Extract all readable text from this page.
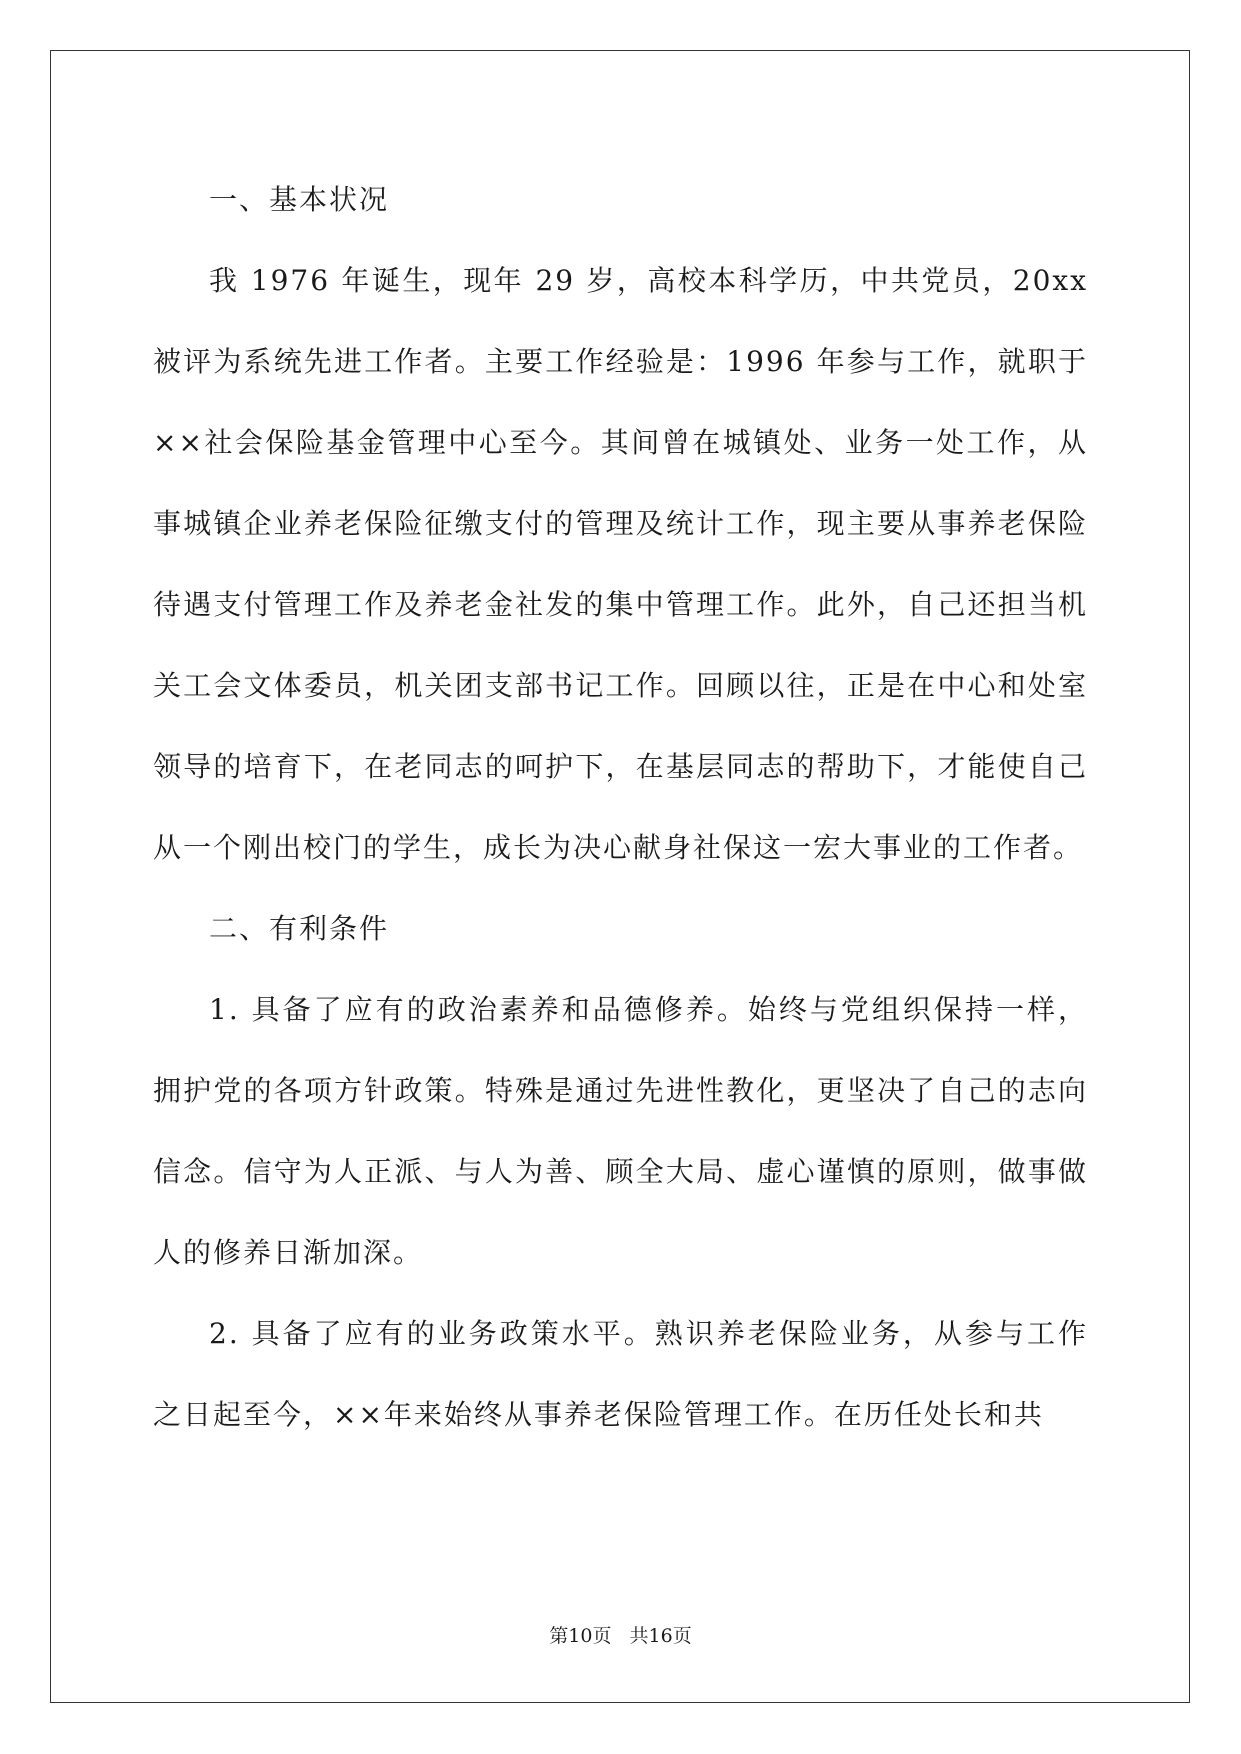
一、基本状况

我 1976 年诞生，现年 29 岁，高校本科学历，中共党员，20xx 被评为系统先进工作者。主要工作经验是：1996 年参与工作，就职于××社会保险基金管理中心至今。其间曾在城镇处、业务一处工作，从事城镇企业养老保险征缴支付的管理及统计工作，现主要从事养老保险待遇支付管理工作及养老金社发的集中管理工作。此外，自己还担当机关工会文体委员，机关团支部书记工作。回顾以往，正是在中心和处室领导的培育下，在老同志的呵护下，在基层同志的帮助下，才能使自己从一个刚出校门的学生，成长为决心献身社保这一宏大事业的工作者。

二、有利条件

1. 具备了应有的政治素养和品德修养。始终与党组织保持一样，拥护党的各项方针政策。特殊是通过先进性教化，更坚决了自己的志向信念。信守为人正派、与人为善、顾全大局、虚心谨慎的原则，做事做人的修养日渐加深。

2. 具备了应有的业务政策水平。熟识养老保险业务，从参与工作之日起至今，××年来始终从事养老保险管理工作。在历任处长和共

第10页 共16页
